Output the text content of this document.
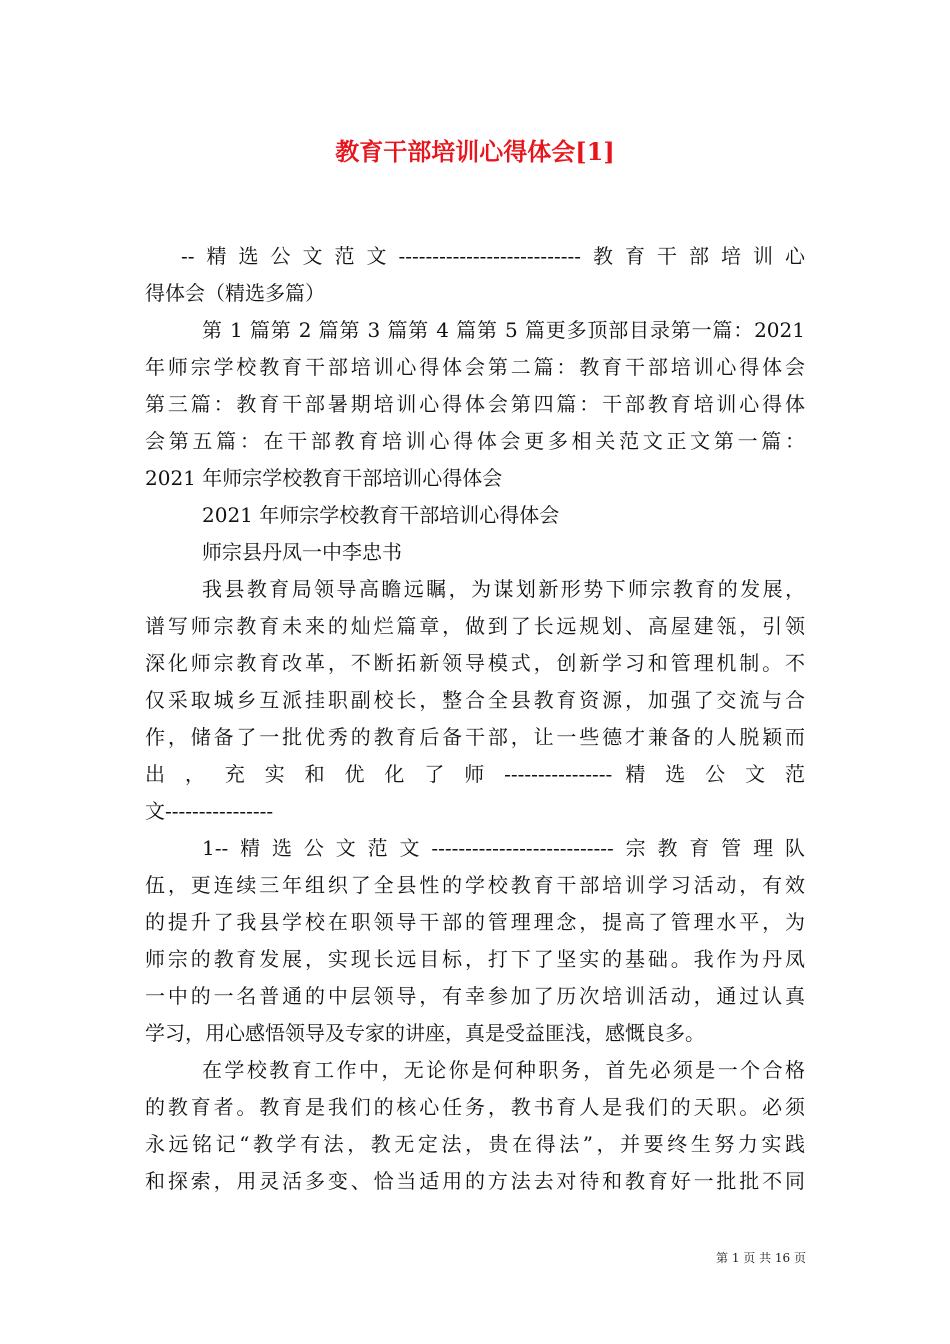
教育干部培训心得体会[1]
--精选公文范文---------------------------教育干部培训心
得体会（精选多篇）
第 1 篇第 2 篇第 3 篇第 4 篇第 5 篇更多顶部目录第一篇：2021
年师宗学校教育干部培训心得体会第二篇：教育干部培训心得体会
第三篇：教育干部暑期培训心得体会第四篇：干部教育培训心得体
会第五篇：在干部教育培训心得体会更多相关范文正文第一篇：
2021 年师宗学校教育干部培训心得体会
2021 年师宗学校教育干部培训心得体会
师宗县丹凤一中李忠书
我县教育局领导高瞻远瞩，为谋划新形势下师宗教育的发展，
谱写师宗教育未来的灿烂篇章，做到了长远规划、高屋建瓴，引领
深化师宗教育改革，不断拓新领导模式，创新学习和管理机制。不
仅采取城乡互派挂职副校长，整合全县教育资源，加强了交流与合
作，储备了一批优秀的教育后备干部，让一些德才兼备的人脱颖而
出 ， 充 实 和 优 化 了 师 ---------------- 精 选 公 文 范
文----------------
1--精选公文范文---------------------------宗教育管理队
伍，更连续三年组织了全县性的学校教育干部培训学习活动，有效
的提升了我县学校在职领导干部的管理理念，提高了管理水平，为
师宗的教育发展，实现长远目标，打下了坚实的基础。我作为丹凤
一中的一名普通的中层领导，有幸参加了历次培训活动，通过认真
学习，用心感悟领导及专家的讲座，真是受益匪浅，感慨良多。
在学校教育工作中，无论你是何种职务，首先必须是一个合格
的教育者。教育是我们的核心任务，教书育人是我们的天职。必须
永远铭记“教学有法，教无定法，贵在得法”，并要终生努力实践
和探索，用灵活多变、恰当适用的方法去对待和教育好一批批不同
第 1 页 共 16 页
